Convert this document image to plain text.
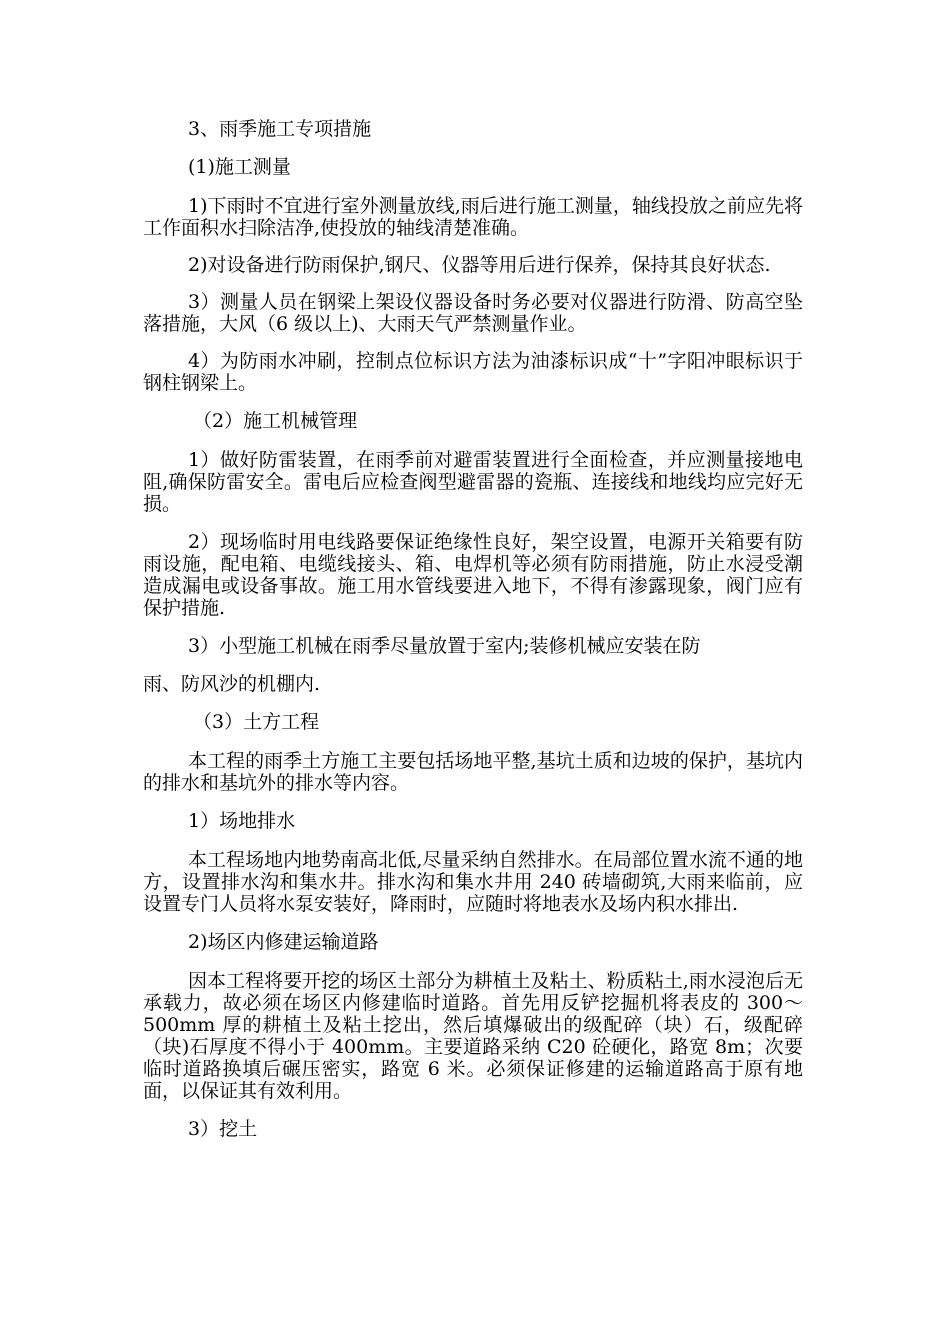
3、雨季施工专项措施

(1)施工测量

1)下雨时不宜进行室外测量放线,雨后进行施工测量，轴线投放之前应先将工作面积水扫除洁净,使投放的轴线清楚准确。

2)对设备进行防雨保护,钢尺、仪器等用后进行保养，保持其良好状态.

3）测量人员在钢梁上架设仪器设备时务必要对仪器进行防滑、防高空坠落措施，大风（6 级以上)、大雨天气严禁测量作业。

4）为防雨水冲刷，控制点位标识方法为油漆标识成“十”字阳冲眼标识于钢柱钢梁上。

（2）施工机械管理

1）做好防雷装置，在雨季前对避雷装置进行全面检查，并应测量接地电阻,确保防雷安全。雷电后应检查阀型避雷器的瓷瓶、连接线和地线均应完好无损。

2）现场临时用电线路要保证绝缘性良好，架空设置，电源开关箱要有防雨设施，配电箱、电缆线接头、箱、电焊机等必须有防雨措施，防止水浸受潮造成漏电或设备事故。施工用水管线要进入地下，不得有渗露现象，阀门应有保护措施.

3）小型施工机械在雨季尽量放置于室内;装修机械应安装在防

雨、防风沙的机棚内.

（3）土方工程

本工程的雨季土方施工主要包括场地平整,基坑土质和边坡的保护，基坑内的排水和基坑外的排水等内容。

1）场地排水

本工程场地内地势南高北低,尽量采纳自然排水。在局部位置水流不通的地方，设置排水沟和集水井。排水沟和集水井用 240 砖墙砌筑,大雨来临前，应设置专门人员将水泵安装好，降雨时，应随时将地表水及场内积水排出.

2)场区内修建运输道路

因本工程将要开挖的场区土部分为耕植土及粘土、粉质粘土,雨水浸泡后无承载力，故必须在场区内修建临时道路。首先用反铲挖掘机将表皮的 300～500mm 厚的耕植土及粘土挖出，然后填爆破出的级配碎（块）石，级配碎（块)石厚度不得小于 400mm。主要道路采纳 C20 砼硬化，路宽 8m；次要临时道路换填后碾压密实，路宽 6 米。必须保证修建的运输道路高于原有地面，以保证其有效利用。

3）挖土
